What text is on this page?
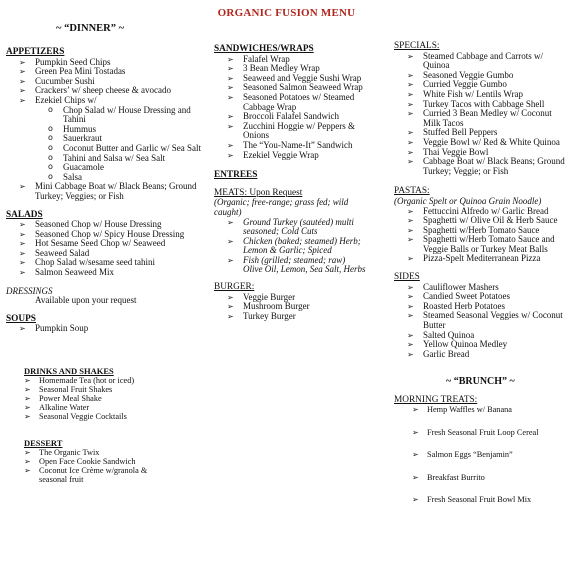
ORGANIC FUSION MENU
~ “DINNER” ~
APPETIZERS
➢ Pumpkin Seed Chips
➢ Green Pea Mini Tostadas
➢ Cucumber Sushi
➢ Crackers’ w/ sheep cheese & avocado
➢ Ezekiel Chips w/
o Chop Salad w/ House Dressing and Tahini
o Hummus
o Sauerkraut
o Coconut Butter and Garlic w/ Sea Salt
o Tahini and Salsa w/ Sea Salt
o Guacamole
o Salsa
➢ Mini Cabbage Boat w/ Black Beans; Ground Turkey; Veggies; or Fish
SALADS
➢ Seasoned Chop w/ House Dressing
➢ Seasoned Chop w/ Spicy House Dressing
➢ Hot Sesame Seed Chop w/ Seaweed
➢ Seaweed Salad
➢ Chop Salad w/sesame seed tahini
➢ Salmon Seaweed Mix
DRESSINGS
Available upon your request
SOUPS
➢ Pumpkin Soup
DRINKS AND SHAKES
➢ Homemade Tea (hot or iced)
➢ Seasonal Fruit Shakes
➢ Power Meal Shake
➢ Alkaline Water
➢ Seasonal Veggie Cocktails
DESSERT
➢ The Organic Twix
➢ Open Face Cookie Sandwich
➢ Coconut Ice Crème w/granola & seasonal fruit
SANDWICHES/WRAPS
➢ Falafel Wrap
➢ 3 Bean Medley Wrap
➢ Seaweed and Veggie Sushi Wrap
➢ Seasoned Salmon Seaweed Wrap
➢ Seasoned Potatoes w/ Steamed Cabbage Wrap
➢ Broccoli Falafel Sandwich
➢ Zucchini Hoggie w/ Peppers & Onions
➢ The “You-Name-It” Sandwich
➢ Ezekiel Veggie Wrap
ENTREES
MEATS: Upon Request
(Organic; free-range; grass fed; wild caught)
➢ Ground Turkey (sautéed) multi seasoned; Cold Cuts
➢ Chicken (baked; steamed) Herb; Lemon & Garlic; Spiced
➢ Fish (grilled; steamed; raw) Olive Oil, Lemon, Sea Salt, Herbs
BURGER:
➢ Veggie Burger
➢ Mushroom Burger
➢ Turkey Burger
SPECIALS:
➢ Steamed Cabbage and Carrots w/ Quinoa
➢ Seasoned Veggie Gumbo
➢ Curried Veggie Gumbo
➢ White Fish w/ Lentils Wrap
➢ Turkey Tacos with Cabbage Shell
➢ Curried 3 Bean Medley w/ Coconut Milk Tacos
➢ Stuffed Bell Peppers
➢ Veggie Bowl w/ Red & White Quinoa
➢ Thai Veggie Bowl
➢ Cabbage Boat w/ Black Beans; Ground Turkey; Veggie; or Fish
PASTAS:
(Organic Spelt or Quinoa Grain Noodle)
➢ Fettuccini Alfredo w/ Garlic Bread
➢ Spaghetti w/ Olive Oil & Herb Sauce
➢ Spaghetti w/Herb Tomato Sauce
➢ Spaghetti w/Herb Tomato Sauce and Veggie Balls or Turkey Meat Balls
➢ Pizza-Spelt Mediterranean Pizza
SIDES
➢ Cauliflower Mashers
➢ Candied Sweet Potatoes
➢ Roasted Herb Potatoes
➢ Steamed Seasonal Veggies w/ Coconut Butter
➢ Salted Quinoa
➢ Yellow Quinoa Medley
➢ Garlic Bread
~ “BRUNCH” ~
MORNING TREATS:
➢ Hemp Waffles w/ Banana
➢ Fresh Seasonal Fruit Loop Cereal
➢ Salmon Eggs “Benjamin”
➢ Breakfast Burrito
➢ Fresh Seasonal Fruit Bowl Mix
